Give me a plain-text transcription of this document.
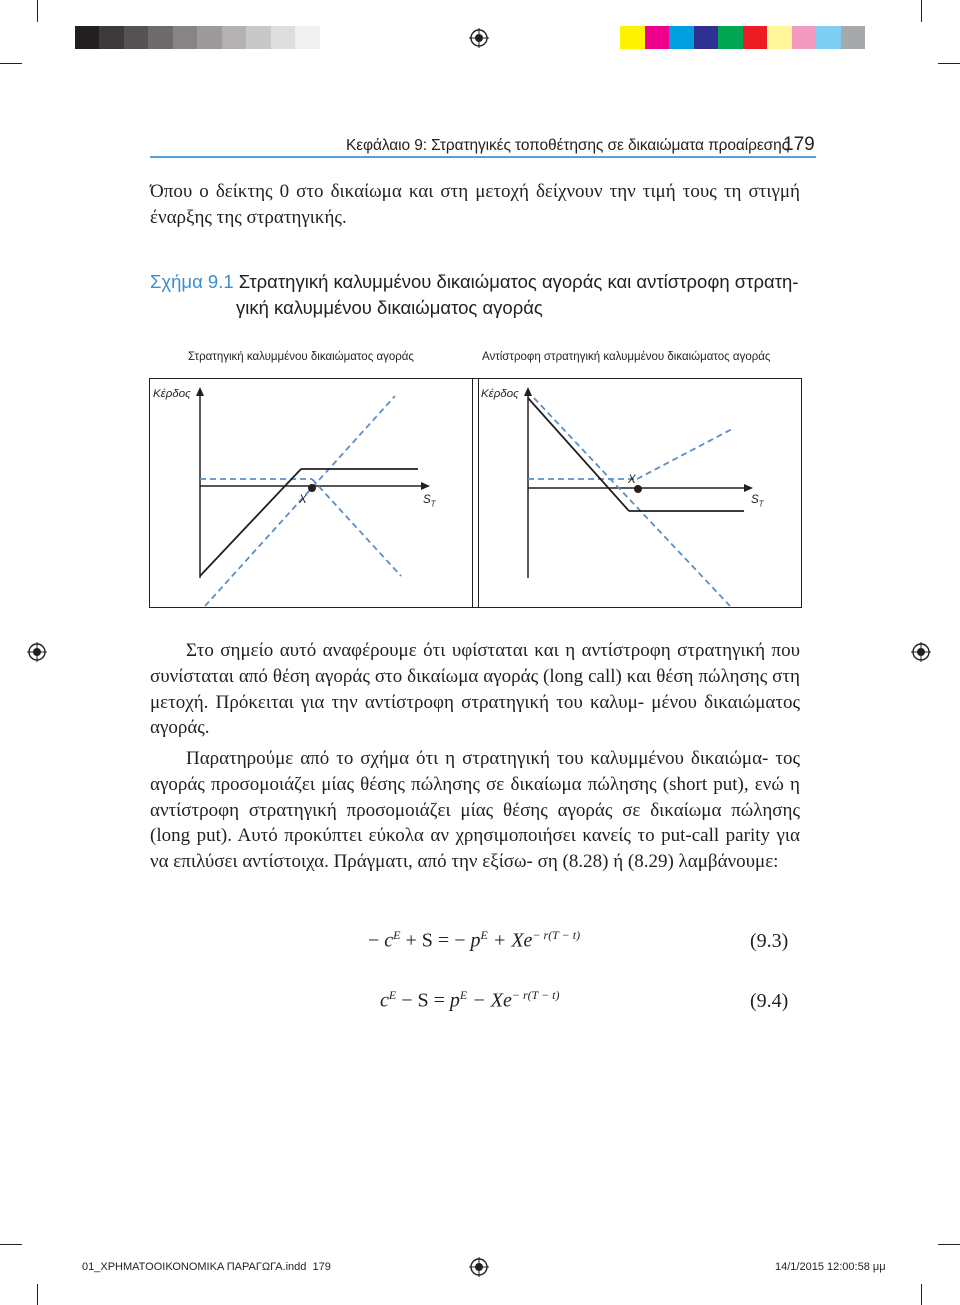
Κεφάλαιο 9: Στρατηγικές τοποθέτησης σε δικαιώματα προαίρεσης
179
Όπου ο δείκτης 0 στο δικαίωμα και στη μετοχή δείχνουν την τιμή τους τη στιγμή έναρξης της στρατηγικής.
Σχήμα 9.1 Στρατηγική καλυμμένου δικαιώματος αγοράς και αντίστροφη στρατη-
γική καλυμμένου δικαιώματος αγοράς
Στρατηγική καλυμμένου δικαιώματος αγοράς	Αντίστροφη στρατηγική καλυμμένου δικαιώματος αγοράς
Κέρδος
X	$S_T$
Κέρδος
X
$S_T$
Στο σημείο αυτό αναφέρουμε ότι υφίσταται και η αντίστροφη στρατηγική που συνίσταται από θέση αγοράς στο δικαίωμα αγοράς (long call) και θέση πώλησης στη μετοχή. Πρόκειται για την αντίστροφη στρατηγική του καλυμ- μένου δικαιώματος αγοράς.
Παρατηρούμε από το σχήμα ότι η στρατηγική του καλυμμένου δικαιώμα- τος αγοράς προσομοιάζει μίας θέσης πώλησης σε δικαίωμα πώλησης (short put), ενώ η αντίστροφη στρατηγική προσομοιάζει μίας θέσης αγοράς σε δικαίωμα πώλησης (long put). Αυτό προκύπτει εύκολα αν χρησιμοποιήσει κανείς το put-call parity για να επιλύσει αντίστοιχα. Πράγματι, από την εξίσω- ση (8.28) ή (8.29) λαμβάνουμε:
− $c^E + S$ = − $p^E + Xe^{- r(T - t)}$	(9.3)
$c^E - S = p^E - Xe^{- r(T - t)}$	(9.4)
01_ΧΡΗΜΑΤΟΟΙΚΟΝΟΜΙΚΑ ΠΑΡΑΓΩΓΑ.indd 179	14/1/2015 12:00:58 μμ
